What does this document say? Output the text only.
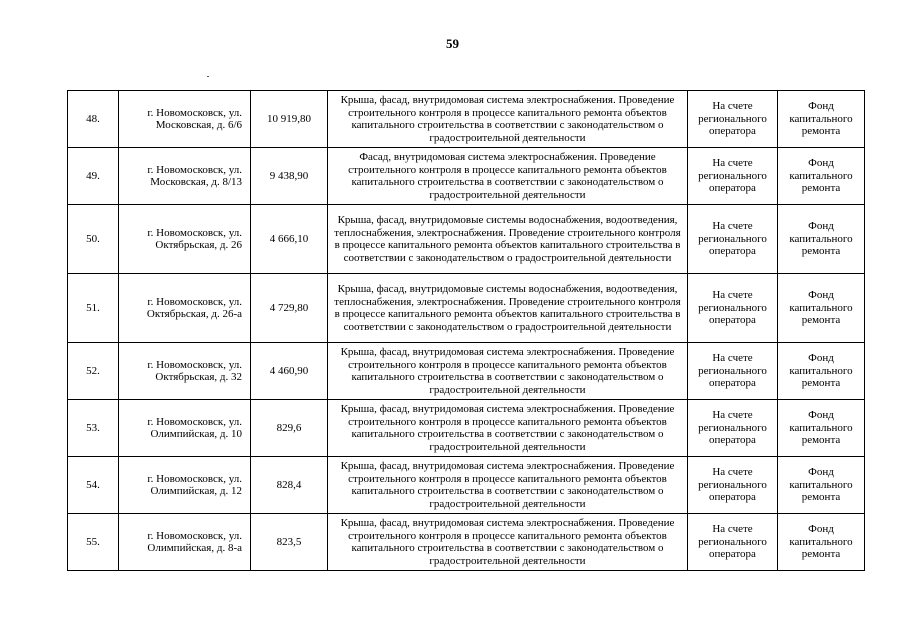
59
48.	г. Новомосковск, ул. Московская, д. 6/6	10 919,80	Крыша, фасад, внутридомовая система электроснабжения. Проведение строительного контроля в процессе капитального ремонта объектов капитального строительства в соответствии с законодательством о градостроительной деятельности	На счете регионального оператора	Фонд капитального ремонта
49.	г. Новомосковск, ул. Московская, д. 8/13	9 438,90	Фасад, внутридомовая система электроснабжения. Проведение строительного контроля в процессе капитального ремонта объектов капитального строительства в соответствии с законодательством о градостроительной деятельности	На счете регионального оператора	Фонд капитального ремонта
50.	г. Новомосковск, ул. Октябрьская, д. 26	4 666,10	Крыша, фасад, внутридомовые системы водоснабжения, водоотведения, теплоснабжения, электроснабжения. Проведение строительного контроля в процессе капитального ремонта объектов капитального строительства в соответствии с законодательством о градостроительной деятельности	На счете регионального оператора	Фонд капитального ремонта
51.	г. Новомосковск, ул. Октябрьская, д. 26-а	4 729,80	Крыша, фасад, внутридомовые системы водоснабжения, водоотведения, теплоснабжения, электроснабжения. Проведение строительного контроля в процессе капитального ремонта объектов капитального строительства в соответствии с законодательством о градостроительной деятельности	На счете регионального оператора	Фонд капитального ремонта
52.	г. Новомосковск, ул. Октябрьская, д. 32	4 460,90	Крыша, фасад, внутридомовая система электроснабжения. Проведение строительного контроля в процессе капитального ремонта объектов капитального строительства в соответствии с законодательством о градостроительной деятельности	На счете регионального оператора	Фонд капитального ремонта
53.	г. Новомосковск, ул. Олимпийская, д. 10	829,6	Крыша, фасад, внутридомовая система электроснабжения. Проведение строительного контроля в процессе капитального ремонта объектов капитального строительства в соответствии с законодательством о градостроительной деятельности	На счете регионального оператора	Фонд капитального ремонта
54.	г. Новомосковск, ул. Олимпийская, д. 12	828,4	Крыша, фасад, внутридомовая система электроснабжения. Проведение строительного контроля в процессе капитального ремонта объектов капитального строительства в соответствии с законодательством о градостроительной деятельности	На счете регионального оператора	Фонд капитального ремонта
55.	г. Новомосковск, ул. Олимпийская, д. 8-а	823,5	Крыша, фасад, внутридомовая система электроснабжения. Проведение строительного контроля в процессе капитального ремонта объектов капитального строительства в соответствии с законодательством о градостроительной деятельности	На счете регионального оператора	Фонд капитального ремонта
